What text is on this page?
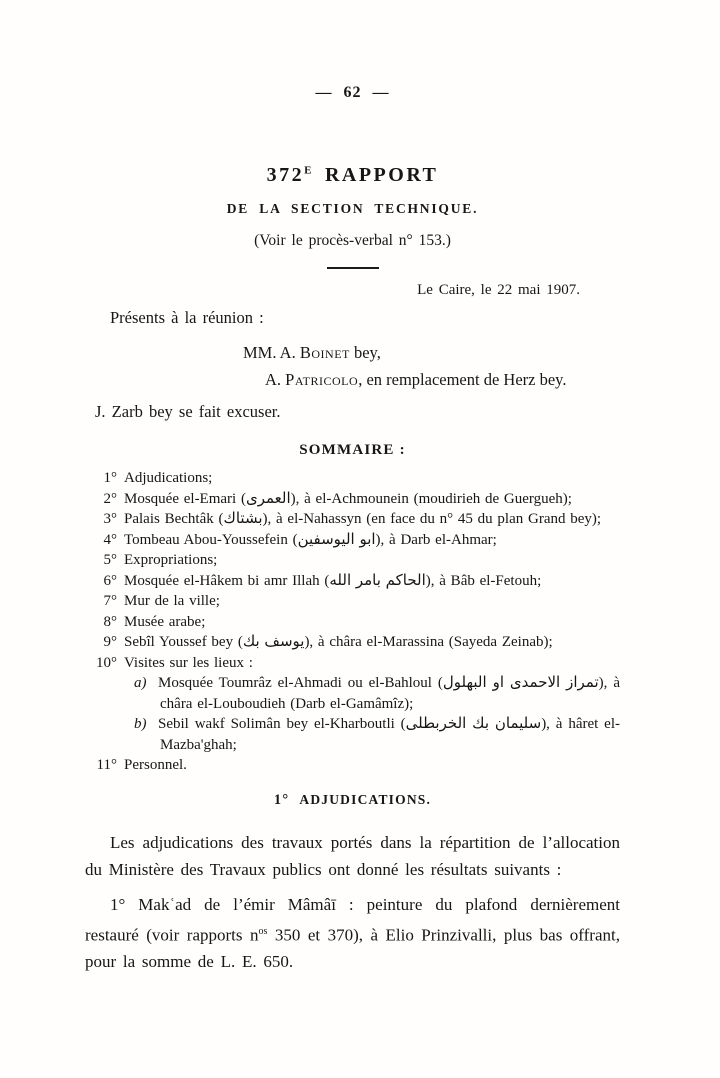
— 62 —
$372^E$ RAPPORT
DE LA SECTION TECHNIQUE.
(Voir le procès-verbal n° 153.)
Le Caire, le 22 mai 1907.
Présents à la réunion :
MM. A. Boinet bey,
A. Patricolo, en remplacement de Herz bey.
J. Zarb bey se fait excuser.
SOMMAIRE :
1° Adjudications;
2° Mosquée el-Emari (العمرى), à el-Achmounein (moudirieh de Guergueh);
3° Palais Bechtâk (بشتاك), à el-Nahassyn (en face du n° 45 du plan Grand bey);
4° Tombeau Abou-Youssefein (ابو اليوسفين), à Darb el-Ahmar;
5° Expropriations;
6° Mosquée el-Hâkem bi amr Illah (الحاكم بامر الله), à Bâb el-Fetouh;
7° Mur de la ville;
8° Musée arabe;
9° Sebîl Youssef bey (يوسف بك), à châra el-Marassina (Sayeda Zeinab);
10° Visites sur les lieux :
a) Mosquée Toumrâz el-Ahmadi ou el-Bahloul (تمراز الاحمدى او البهلول), à châra el-Louboudieh (Darb el-Gamâmîz);
b) Sebil wakf Solimân bey el-Kharboutli (سليمان بك الخربطلى), à hâret el-Mazba'ghah;
11° Personnel.
1° ADJUDICATIONS.
Les adjudications des travaux portés dans la répartition de l’allocation du Ministère des Travaux publics ont donné les résultats suivants :
1° Makʿad de l’émir Mâmâī : peinture du plafond dernièrement restauré (voir rapports $n^{os}$ 350 et 370), à Elio Prinzivalli, plus bas offrant, pour la somme de L. E. 650.
